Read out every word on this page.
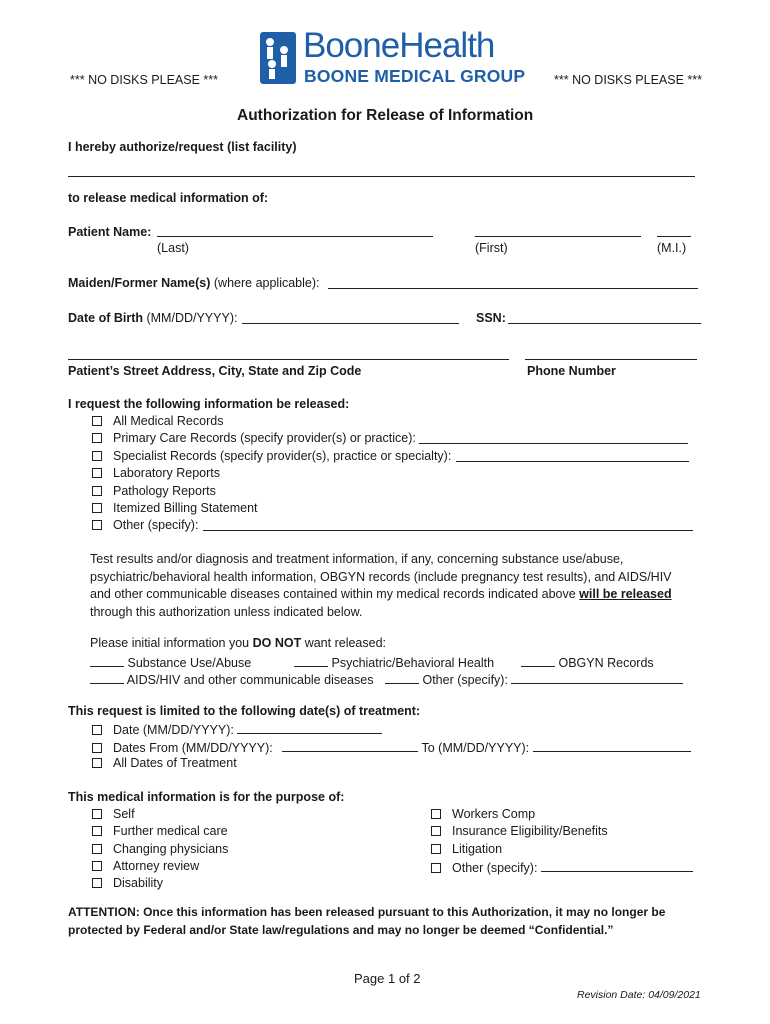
*** NO DISKS PLEASE ***
BooneHealth
BOONE MEDICAL GROUP *** NO DISKS PLEASE ***
Authorization for Release of Information
I hereby authorize/request (list facility)
to release medical information of:
Patient Name:
(Last)	(First)	(M.I.)
Maiden/Former Name(s) (where applicable):
Date of Birth (MM/DD/YYYY):	SSN:
Patient’s Street Address, City, State and Zip Code	Phone Number
I request the following information be released:
All Medical Records
Primary Care Records (specify provider(s) or practice):
Specialist Records (specify provider(s), practice or specialty):
Laboratory Reports
Pathology Reports
Itemized Billing Statement
Other (specify):
Test results and/or diagnosis and treatment information, if any, concerning substance use/abuse, psychiatric/behavioral health information, OBGYN records (include pregnancy test results), and AIDS/HIV and other communicable diseases contained within my medical records indicated above will be released through this authorization unless indicated below.
Please initial information you DO NOT want released:
Substance Use/Abuse	Psychiatric/Behavioral Health	OBGYN Records
AIDS/HIV and other communicable diseases	Other (specify):
This request is limited to the following date(s) of treatment:
Date (MM/DD/YYYY):
Dates From (MM/DD/YYYY):	To (MM/DD/YYYY):
All Dates of Treatment
This medical information is for the purpose of:
Self
Further medical care
Changing physicians
Attorney review
Disability
Workers Comp
Insurance Eligibility/Benefits
Litigation
Other (specify):
ATTENTION: Once this information has been released pursuant to this Authorization, it may no longer be
protected by Federal and/or State law/regulations and may no longer be deemed “Confidential.”
Page 1 of 2
Revision Date: 04/09/2021
